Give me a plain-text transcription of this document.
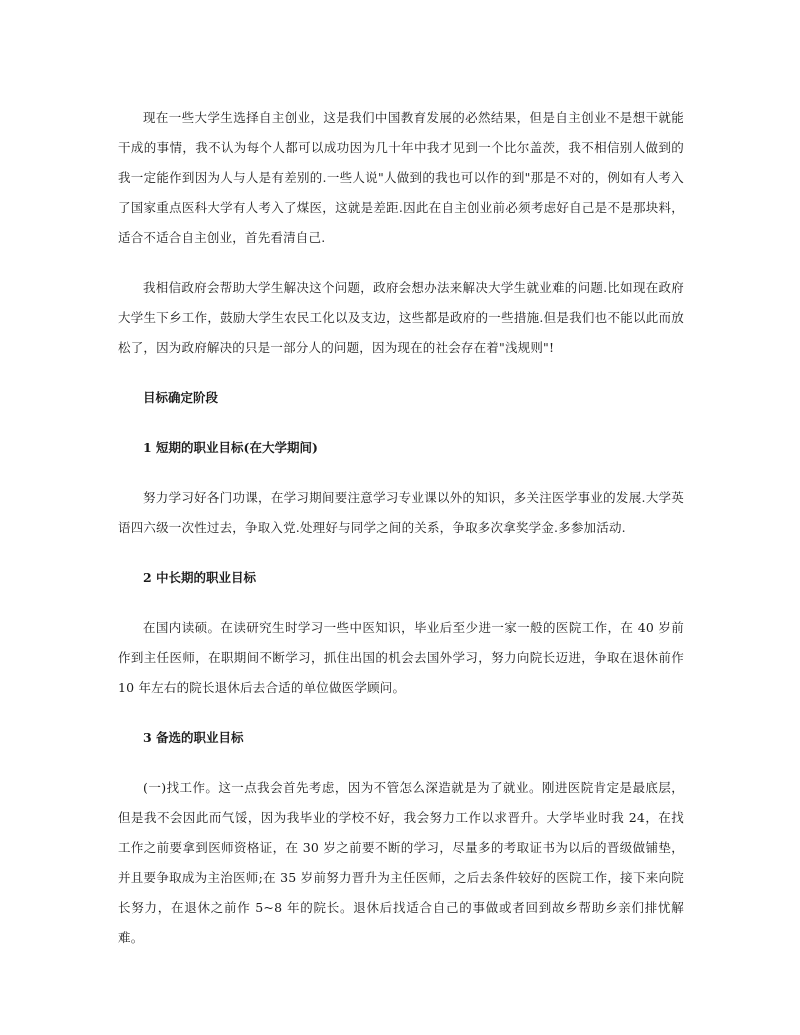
现在一些大学生选择自主创业，这是我们中国教育发展的必然结果，但是自主创业不是想干就能干成的事情，我不认为每个人都可以成功因为几十年中我才见到一个比尔盖茨，我不相信别人做到的我一定能作到因为人与人是有差别的.一些人说"人做到的我也可以作的到"那是不对的，例如有人考入了国家重点医科大学有人考入了煤医，这就是差距.因此在自主创业前必须考虑好自己是不是那块料，适合不适合自主创业，首先看清自己.

我相信政府会帮助大学生解决这个问题，政府会想办法来解决大学生就业难的问题.比如现在政府大学生下乡工作，鼓励大学生农民工化以及支边，这些都是政府的一些措施.但是我们也不能以此而放松了，因为政府解决的只是一部分人的问题，因为现在的社会存在着"浅规则"!

目标确定阶段

1 短期的职业目标(在大学期间)

努力学习好各门功课，在学习期间要注意学习专业课以外的知识，多关注医学事业的发展.大学英语四六级一次性过去，争取入党.处理好与同学之间的关系，争取多次拿奖学金.多参加活动.

2 中长期的职业目标

在国内读硕。在读研究生时学习一些中医知识，毕业后至少进一家一般的医院工作，在 40 岁前作到主任医师，在职期间不断学习，抓住出国的机会去国外学习，努力向院长迈进，争取在退休前作 10 年左右的院长退休后去合适的单位做医学顾问。

3 备选的职业目标

(一)找工作。这一点我会首先考虑，因为不管怎么深造就是为了就业。刚进医院肯定是最底层，但是我不会因此而气馁，因为我毕业的学校不好，我会努力工作以求晋升。大学毕业时我 24，在找工作之前要拿到医师资格证，在 30 岁之前要不断的学习，尽量多的考取证书为以后的晋级做铺垫，并且要争取成为主治医师;在 35 岁前努力晋升为主任医师，之后去条件较好的医院工作，接下来向院长努力，在退休之前作 5~8 年的院长。退休后找适合自己的事做或者回到故乡帮助乡亲们排忧解难。
